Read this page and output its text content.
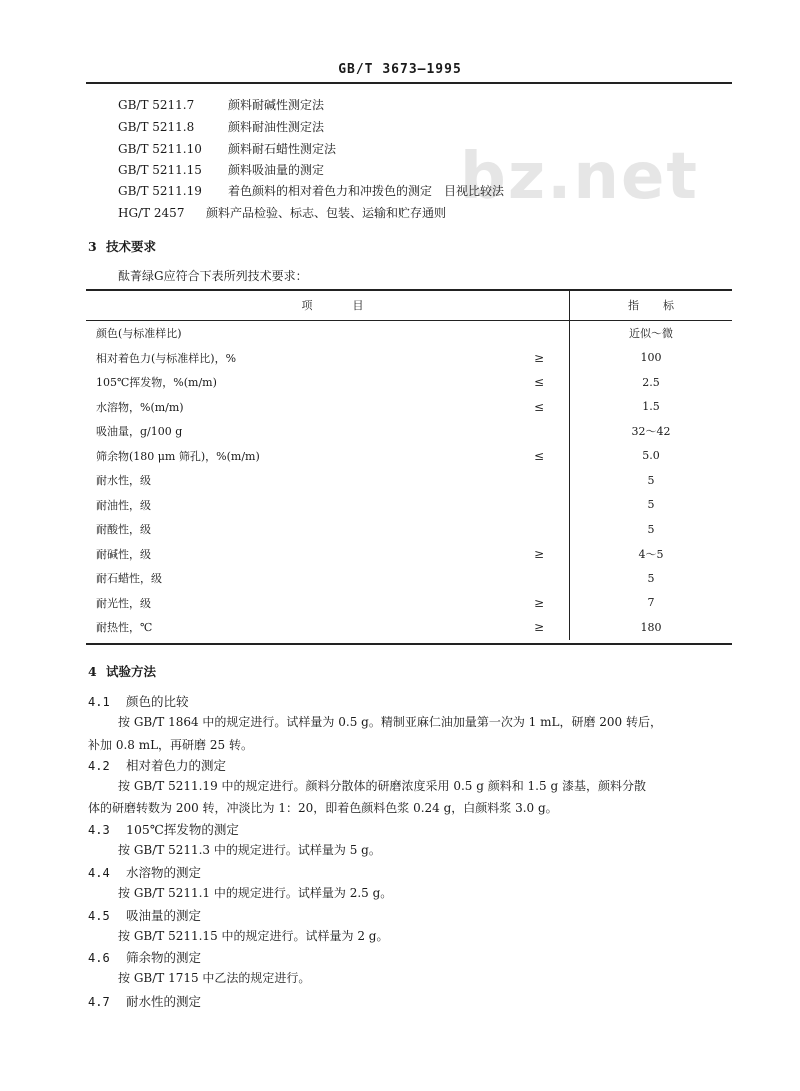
GB/T 3673—1995
bz.net
GB/T 5211.7	颜料耐碱性测定法
GB/T 5211.8	颜料耐油性测定法
GB/T 5211.10 颜料耐石蜡性测定法
GB/T 5211.15 颜料吸油量的测定
GB/T 5211.19 着色颜料的相对着色力和冲拨色的测定　目视比较法
HG/T 2457 颜料产品检验、标志、包装、运输和贮存通则
3 技术要求
酞菁绿G应符合下表所列技术要求：
项目		指标
颜色(与标准样比)		近似～微
相对着色力(与标准样比)，%	≥	100
105℃挥发物，%(m/m)	≤	2.5
水溶物，%(m/m)	≤	1.5
吸油量，g/100 g		32～42
筛余物(180 μm 筛孔)，%(m/m)	≤	5.0
耐水性，级		5
耐油性，级		5
耐酸性，级		5
耐碱性，级	≥	4～5
耐石蜡性，级		5
耐光性，级	≥	7
耐热性，℃	≥	180
4 试验方法
4.1 颜色的比较
按 GB/T 1864 中的规定进行。试样量为 0.5 g。精制亚麻仁油加量第一次为 1 mL，研磨 200 转后，
补加 0.8 mL，再研磨 25 转。
4.2 相对着色力的测定
按 GB/T 5211.19 中的规定进行。颜料分散体的研磨浓度采用 0.5 g 颜料和 1.5 g 漆基，颜料分散
体的研磨转数为 200 转，冲淡比为 1：20，即着色颜料色浆 0.24 g，白颜料浆 3.0 g。
4.3 105℃挥发物的测定
按 GB/T 5211.3 中的规定进行。试样量为 5 g。
4.4 水溶物的测定
按 GB/T 5211.1 中的规定进行。试样量为 2.5 g。
4.5 吸油量的测定
按 GB/T 5211.15 中的规定进行。试样量为 2 g。
4.6 筛余物的测定
按 GB/T 1715 中乙法的规定进行。
4.7 耐水性的测定
